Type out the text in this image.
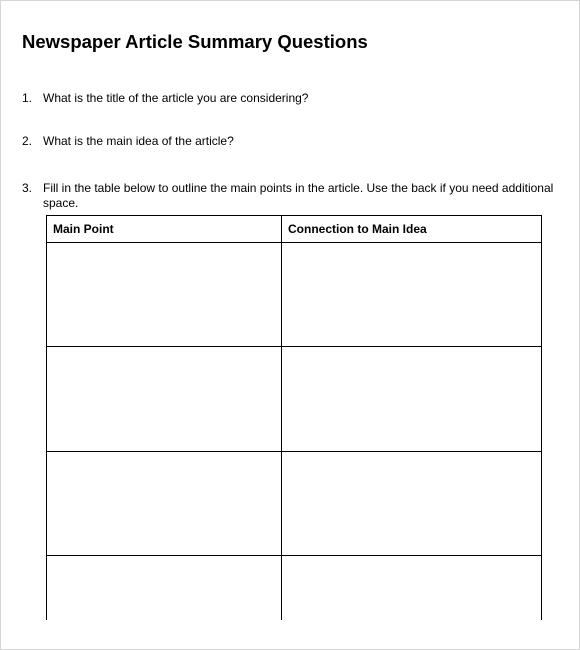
Newspaper Article Summary Questions
1. What is the title of the article you are considering?
2. What is the main idea of the article?
3. Fill in the table below to outline the main points in the article. Use the back if you need additional space.
Main Point	Connection to Main Idea
